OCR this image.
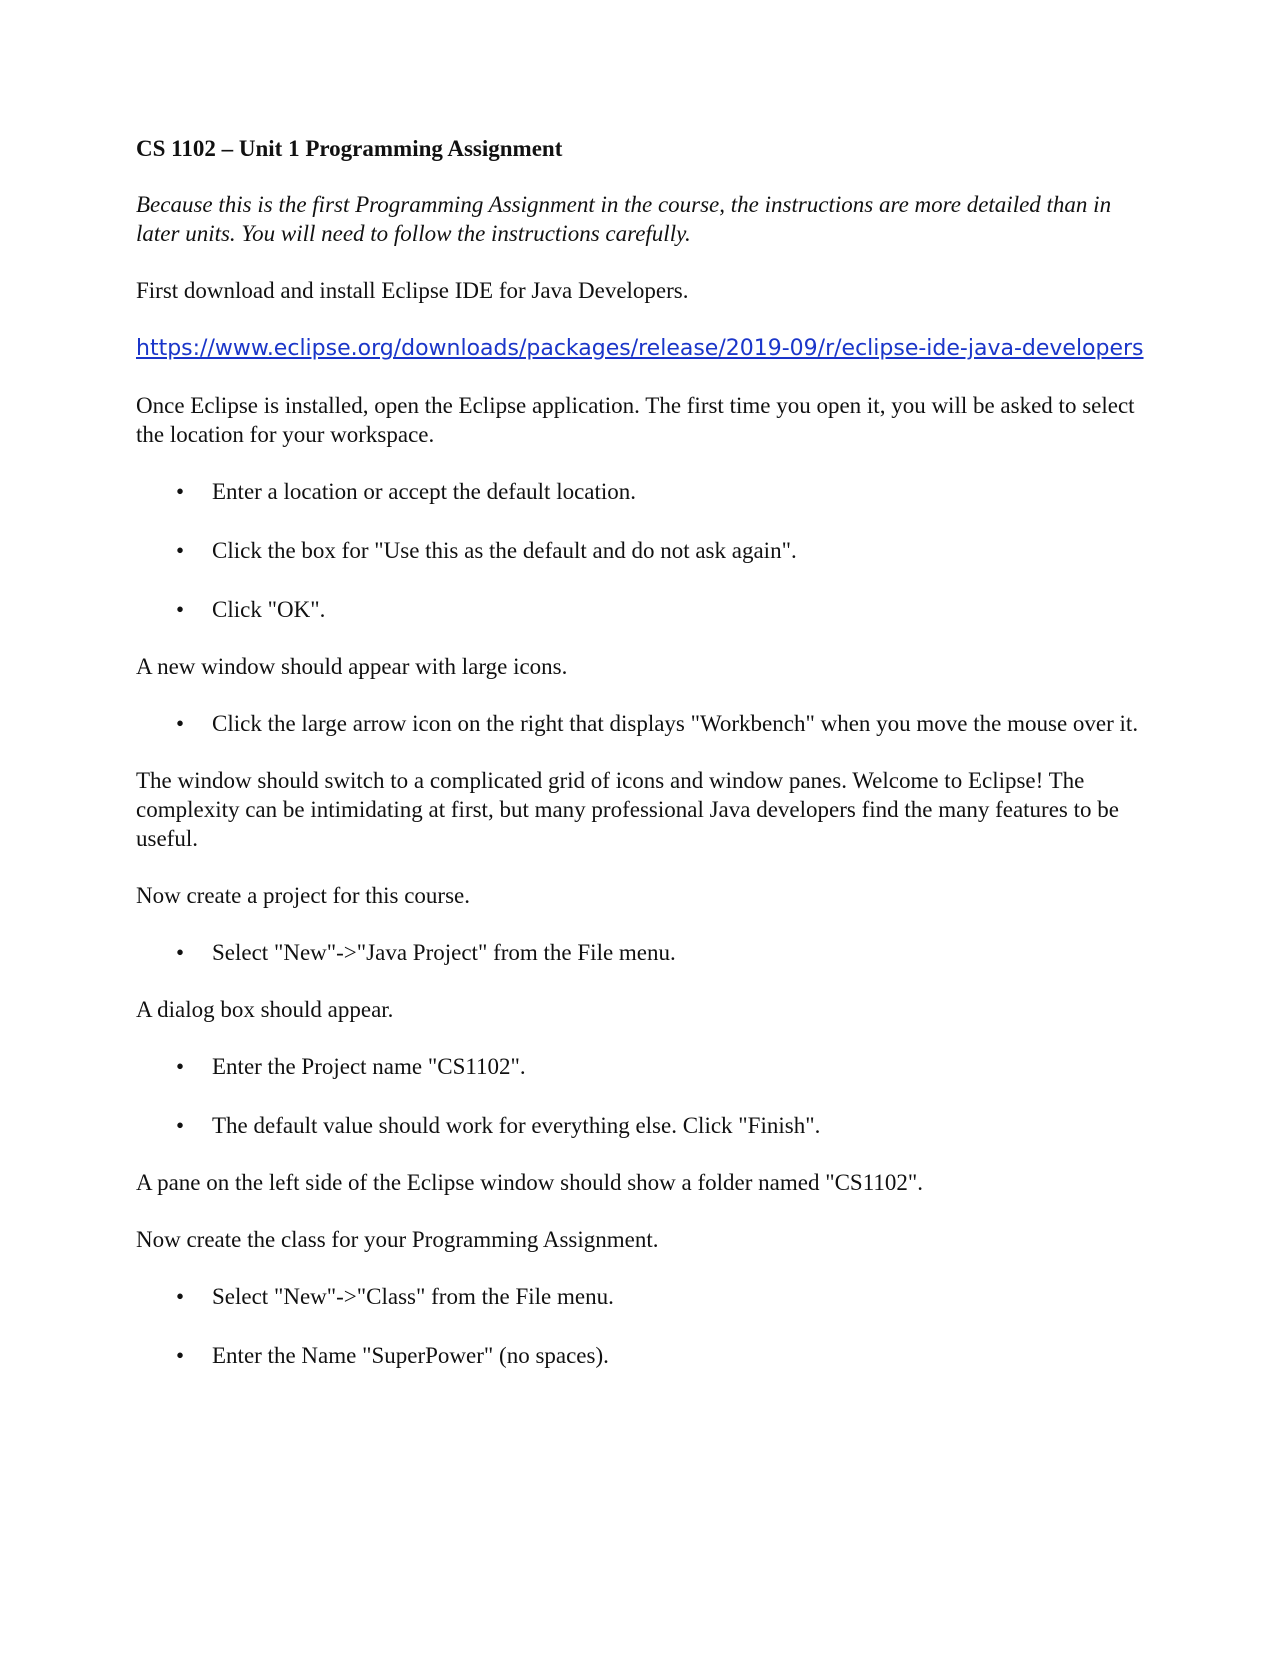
CS 1102 – Unit 1 Programming Assignment

Because this is the first Programming Assignment in the course, the instructions are more detailed than in later units. You will need to follow the instructions carefully.

First download and install Eclipse IDE for Java Developers.

https://www.eclipse.org/downloads/packages/release/2019-09/r/eclipse-ide-java-developers

Once Eclipse is installed, open the Eclipse application. The first time you open it, you will be asked to select the location for your workspace.

• Enter a location or accept the default location.
• Click the box for "Use this as the default and do not ask again".
• Click "OK".

A new window should appear with large icons.

• Click the large arrow icon on the right that displays "Workbench" when you move the mouse over it.

The window should switch to a complicated grid of icons and window panes. Welcome to Eclipse! The complexity can be intimidating at first, but many professional Java developers find the many features to be useful.

Now create a project for this course.

• Select "New"->"Java Project" from the File menu.

A dialog box should appear.

• Enter the Project name "CS1102".
• The default value should work for everything else. Click "Finish".

A pane on the left side of the Eclipse window should show a folder named "CS1102".

Now create the class for your Programming Assignment.

• Select "New"->"Class" from the File menu.
• Enter the Name "SuperPower" (no spaces).
